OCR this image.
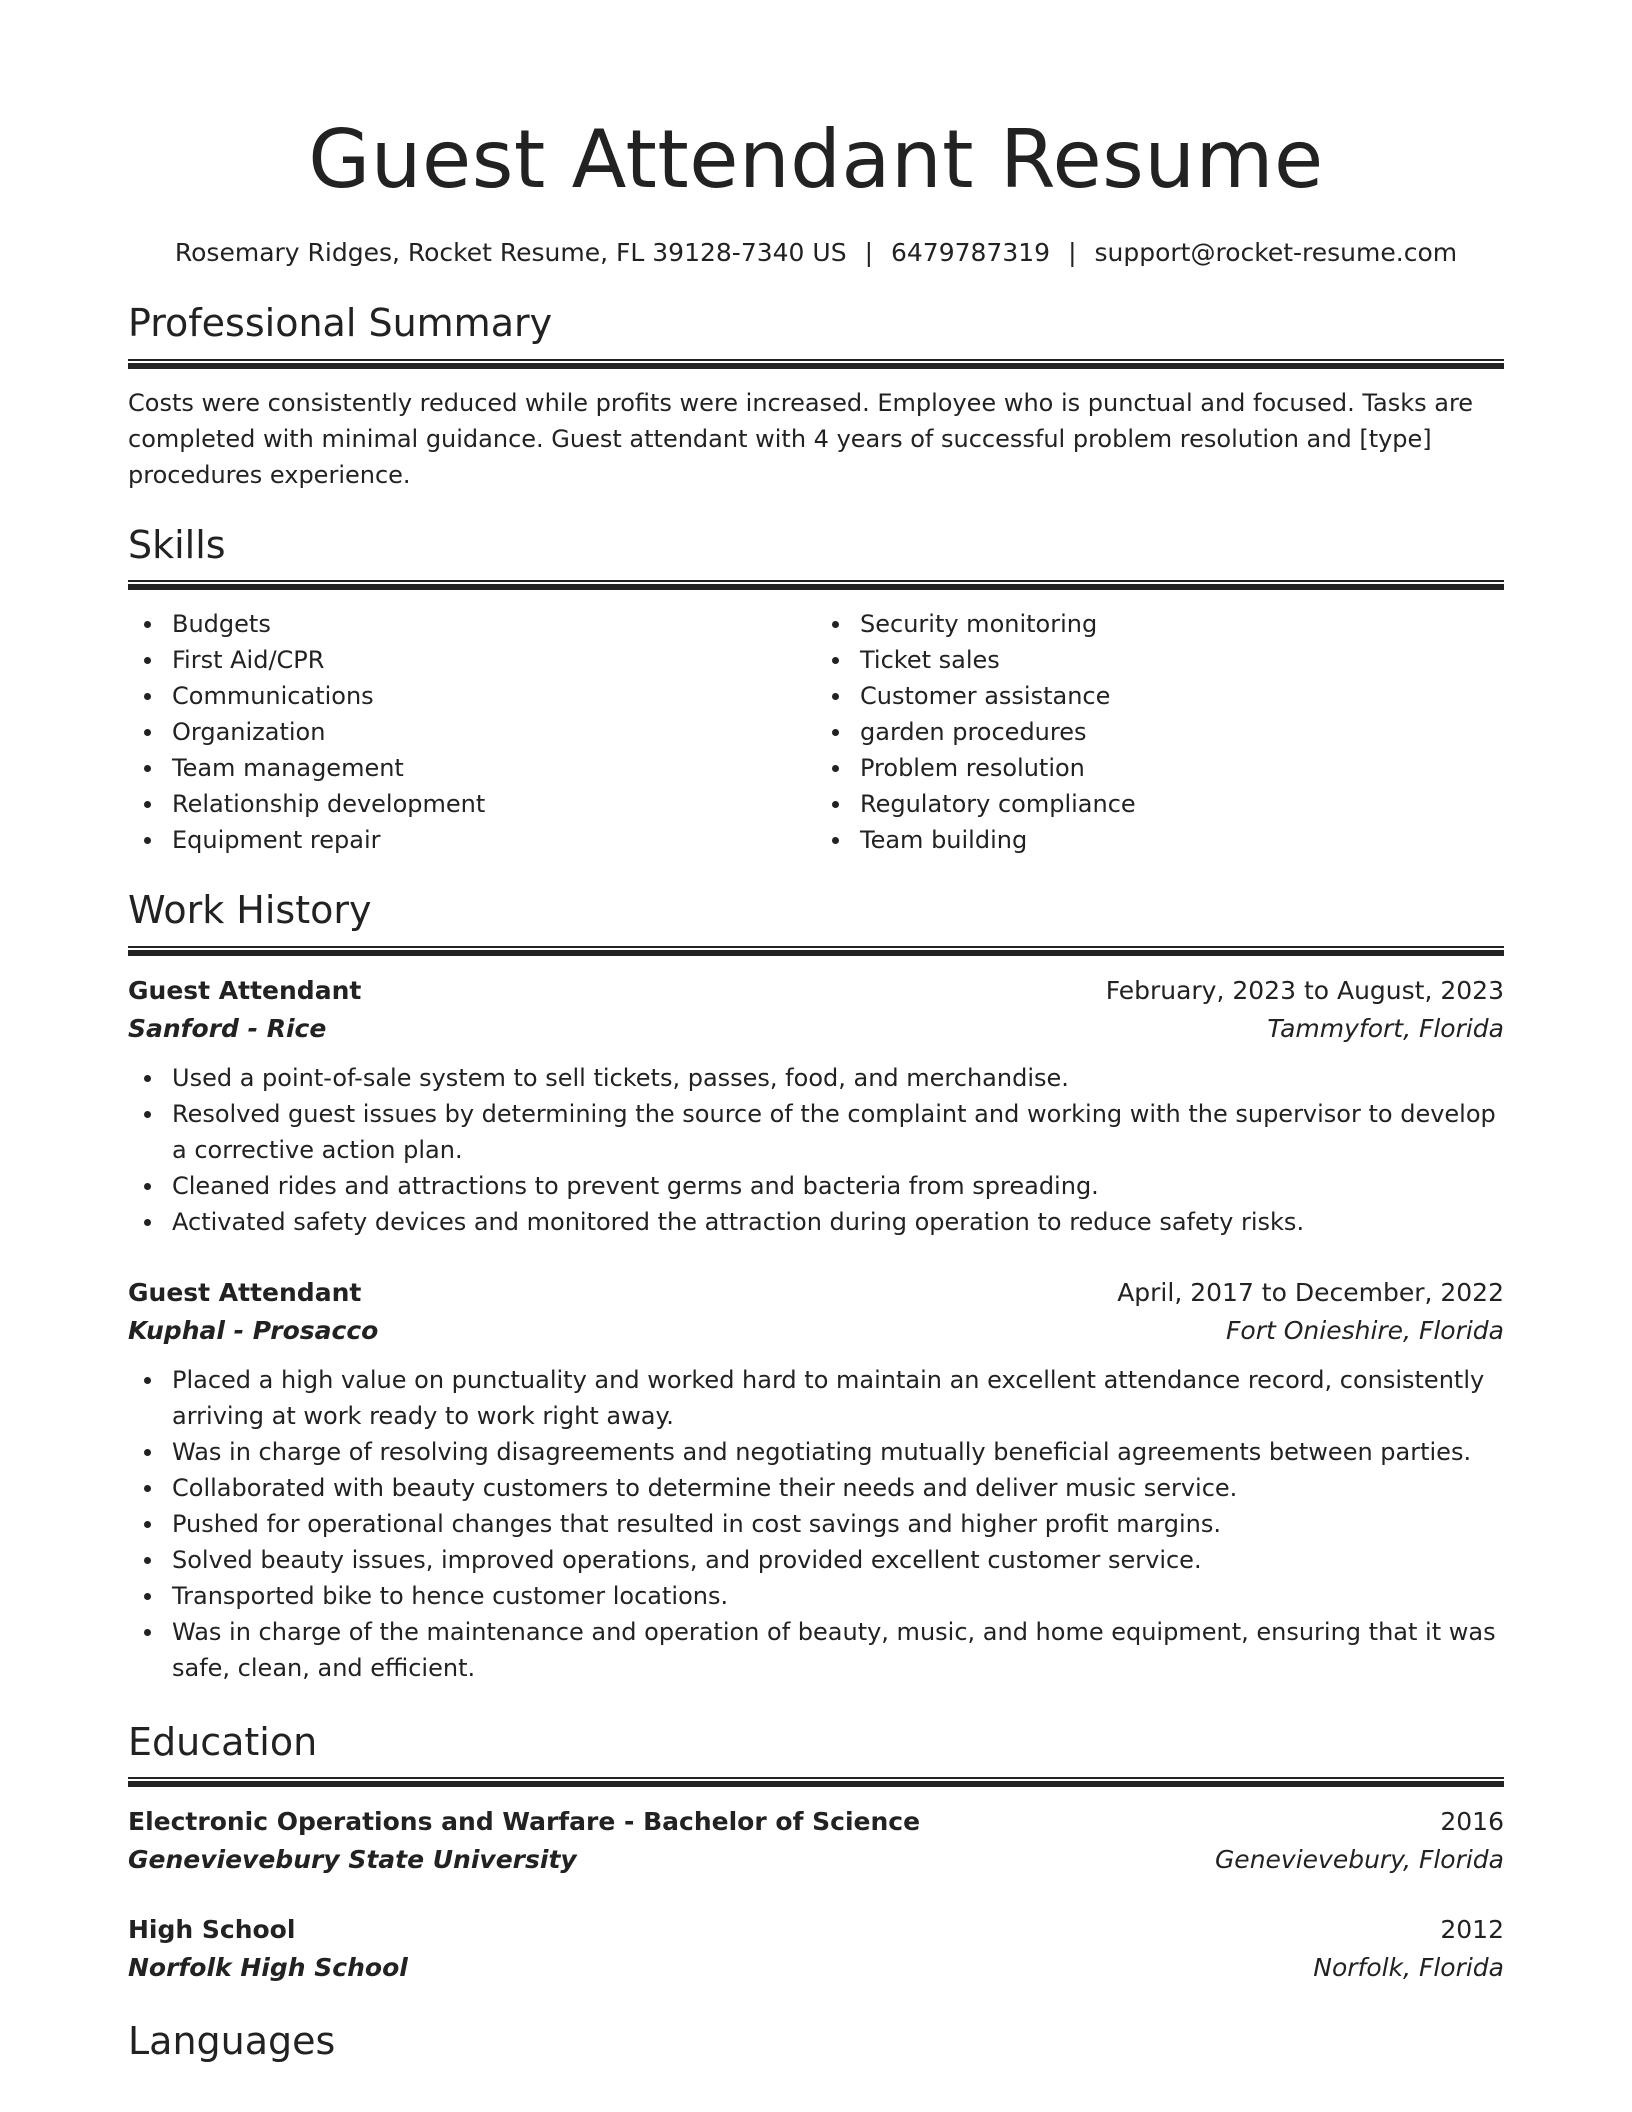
Guest Attendant Resume
Rosemary Ridges, Rocket Resume, FL 39128-7340 US | 6479787319 | support@rocket-resume.com
Professional Summary

Costs were consistently reduced while profits were increased. Employee who is punctual and focused. Tasks are completed with minimal guidance. Guest attendant with 4 years of successful problem resolution and [type] procedures experience.

Skills
Budgets
First Aid/CPR
Communications
Organization
Team management
Relationship development
Equipment repair
Security monitoring
Ticket sales
Customer assistance
garden procedures
Problem resolution
Regulatory compliance
Team building
Work History
Guest Attendant	February, 2023 to August, 2023
Sanford - Rice	Tammyfort, Florida
Used a point-of-sale system to sell tickets, passes, food, and merchandise.
Resolved guest issues by determining the source of the complaint and working with the supervisor to develop a corrective action plan.
Cleaned rides and attractions to prevent germs and bacteria from spreading.
Activated safety devices and monitored the attraction during operation to reduce safety risks.
Guest Attendant	April, 2017 to December, 2022
Kuphal - Prosacco	Fort Onieshire, Florida
Placed a high value on punctuality and worked hard to maintain an excellent attendance record, consistently arriving at work ready to work right away.
Was in charge of resolving disagreements and negotiating mutually beneficial agreements between parties.
Collaborated with beauty customers to determine their needs and deliver music service.
Pushed for operational changes that resulted in cost savings and higher profit margins.
Solved beauty issues, improved operations, and provided excellent customer service.
Transported bike to hence customer locations.
Was in charge of the maintenance and operation of beauty, music, and home equipment, ensuring that it was safe, clean, and efficient.
Education
Electronic Operations and Warfare - Bachelor of Science	2016
Genevievebury State University	Genevievebury, Florida
High School	2012
Norfolk High School	Norfolk, Florida
Languages
